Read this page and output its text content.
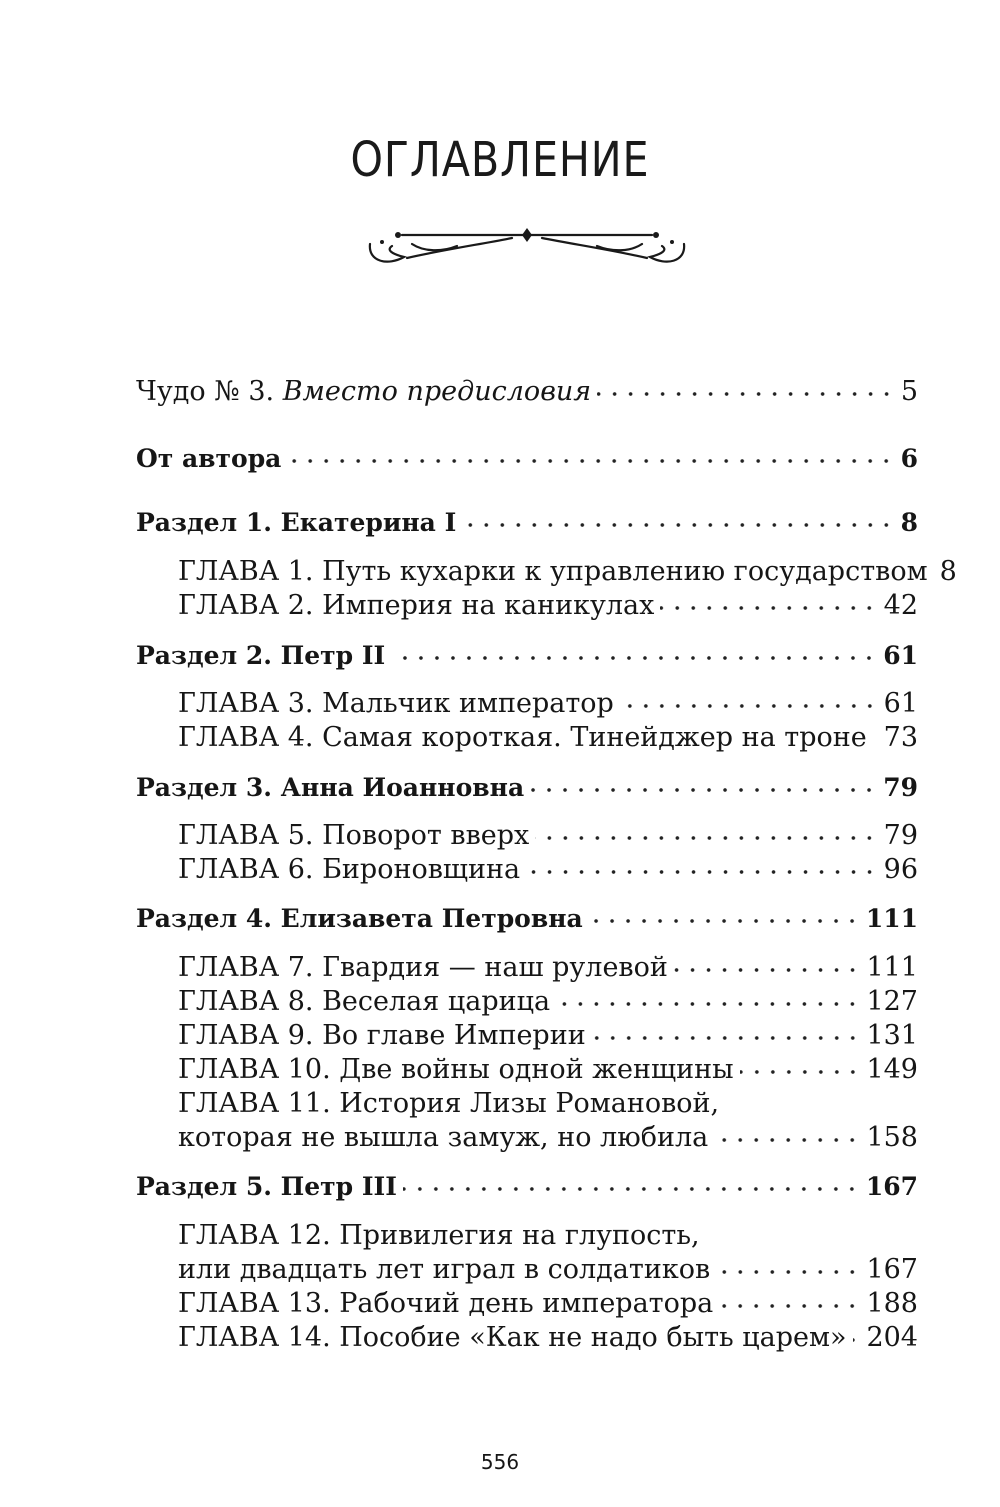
ОГЛАВЛЕНИЕ
Чудо № 3. Вместо предисловия	5
От автора	6
Раздел 1. Екатерина I	8
ГЛАВА 1. Путь кухарки к управлению государством 8
ГЛАВА 2. Империя на каникулах	42
Раздел 2. Петр II	61
ГЛАВА 3. Мальчик император	61
ГЛАВА 4. Самая короткая. Тинейджер на троне 73
Раздел 3. Анна Иоанновна	79
ГЛАВА 5. Поворот вверх	79
ГЛАВА 6. Бироновщина	96
Раздел 4. Елизавета Петровна	111
ГЛАВА 7. Гвардия — наш рулевой	111
ГЛАВА 8. Веселая царица	127
ГЛАВА 9. Во главе Империи	131
ГЛАВА 10. Две войны одной женщины	149
ГЛАВА 11. История Лизы Романовой,
которая не вышла замуж, но любила	158
Раздел 5. Петр III	167
ГЛАВА 12. Привилегия на глупость,
или двадцать лет играл в солдатиков	167
ГЛАВА 13. Рабочий день императора	188
ГЛАВА 14. Пособие «Как не надо быть царем» 204
556
